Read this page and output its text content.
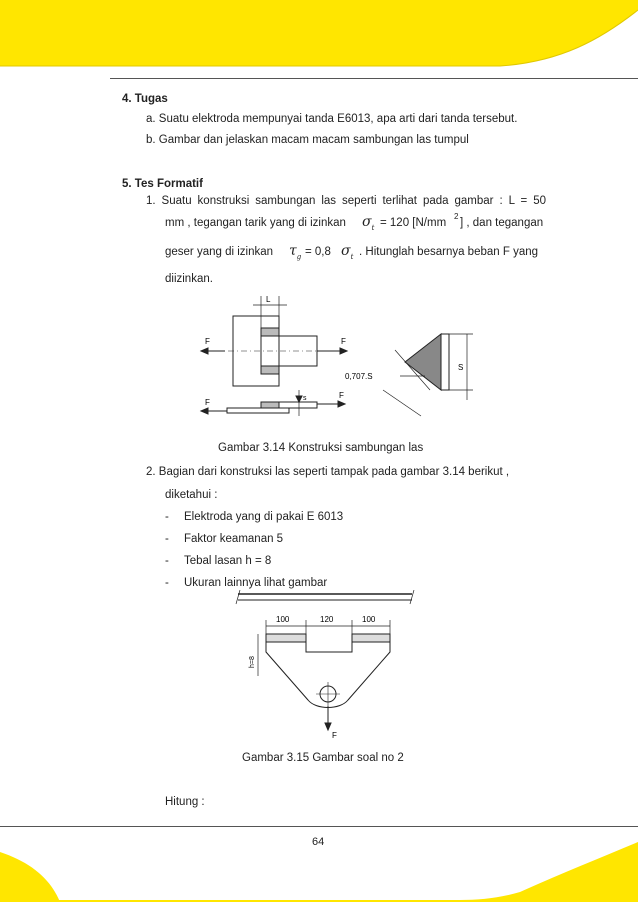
4. Tugas
a. Suatu elektroda mempunyai tanda E6013, apa arti dari tanda tersebut.
b. Gambar dan jelaskan macam macam sambungan las tumpul
5. Tes Formatif
1. Suatu konstruksi sambungan las seperti terlihat pada gambar : L = 50
mm , tegangan tarik yang di izinkan $\sigma_t = 120$ [N/mm
2
] , dan tegangan
geser yang di izinkan $\tau_g = 0,8$ $\sigma_t$ . Hitunglah besarnya beban F yang
diizinkan.
L
F	F
F
F
s
0,707.S
S
Gambar 3.14 Konstruksi sambungan las
2. Bagian dari konstruksi las seperti tampak pada gambar 3.14 berikut ,
diketahui :
- Elektroda yang di pakai E 6013
- Faktor keamanan 5
- Tebal lasan h = 8
- Ukuran lainnya lihat gambar
100	120	100
h=8
F
Gambar 3.15 Gambar soal no 2
Hitung :
64
